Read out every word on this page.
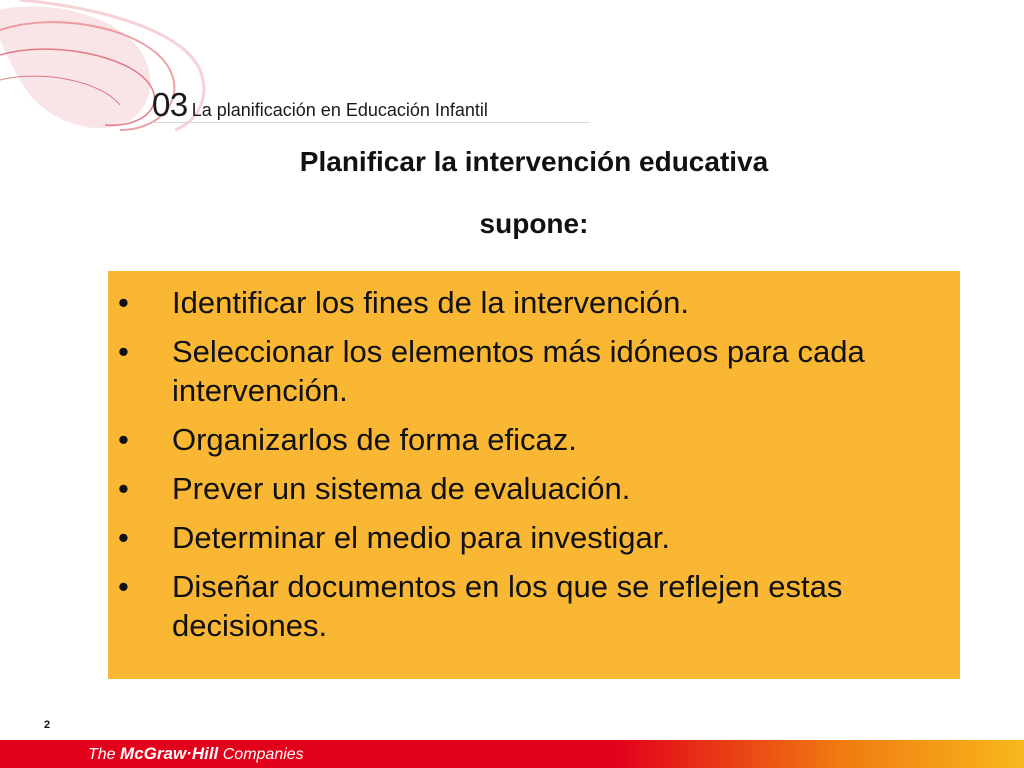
03 La planificación en Educación Infantil
Planificar la intervención educativa
supone:
• Identificar los fines de la intervención.
• Seleccionar los elementos más idóneos para cada intervención.
• Organizarlos de forma eficaz.
• Prever un sistema de evaluación.
• Determinar el medio para investigar.
• Diseñar documentos en los que se reflejen estas decisiones.
2
The McGraw·Hill Companies
